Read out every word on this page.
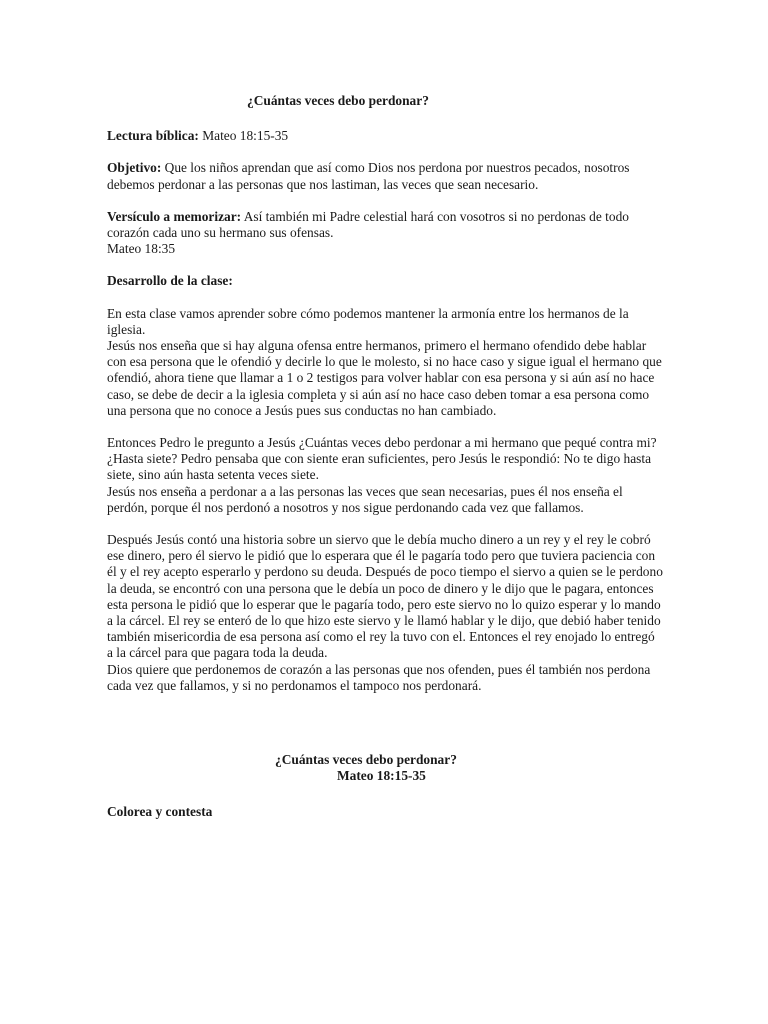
¿Cuántas veces debo perdonar?
Lectura bíblica: Mateo 18:15-35
Objetivo: Que los niños aprendan que así como Dios nos perdona por nuestros pecados, nosotros debemos perdonar a las personas que nos lastiman, las veces que sean necesario.
Versículo a memorizar: Así también mi Padre celestial hará con vosotros si no perdonas de todo corazón cada uno su hermano sus ofensas.
Mateo 18:35
Desarrollo de la clase:

En esta clase vamos aprender sobre cómo podemos mantener la armonía entre los hermanos de la iglesia.

Jesús nos enseña que si hay alguna ofensa entre hermanos, primero el hermano ofendido debe hablar con esa persona que le ofendió y decirle lo que le molesto, si no hace caso y sigue igual el hermano que ofendió, ahora tiene que llamar a 1 o 2 testigos para volver hablar con esa persona y si aún así no hace caso, se debe de decir a la iglesia completa y si aún así no hace caso deben tomar a esa persona como una persona que no conoce a Jesús pues sus conductas no han cambiado.

Entonces Pedro le pregunto a Jesús ¿Cuántas veces debo perdonar a mi hermano que pequé contra mi? ¿Hasta siete? Pedro pensaba que con siente eran suficientes, pero Jesús le respondió: No te digo hasta siete, sino aún hasta setenta veces siete.

Jesús nos enseña a perdonar a a las personas las veces que sean necesarias, pues él nos enseña el perdón, porque él nos perdonó a nosotros y nos sigue perdonando cada vez que fallamos.

Después Jesús contó una historia sobre un siervo que le debía mucho dinero a un rey y el rey le cobró ese dinero, pero él siervo le pidió que lo esperara que él le pagaría todo pero que tuviera paciencia con él y el rey acepto esperarlo y perdono su deuda. Después de poco tiempo el siervo a quien se le perdono la deuda, se encontró con una persona que le debía un poco de dinero y le dijo que le pagara, entonces esta persona le pidió que lo esperar que le pagaría todo, pero este siervo no lo quizo esperar y lo mando a la cárcel. El rey se enteró de lo que hizo este siervo y le llamó hablar y le dijo, que debió haber tenido también misericordia de esa persona así como el rey la tuvo con el. Entonces el rey enojado lo entregó a la cárcel para que pagara toda la deuda.

Dios quiere que perdonemos de corazón a las personas que nos ofenden, pues él también nos perdona cada vez que fallamos, y si no perdonamos el tampoco nos perdonará.

¿Cuántas veces debo perdonar?
Mateo 18:15-35
Colorea y contesta
